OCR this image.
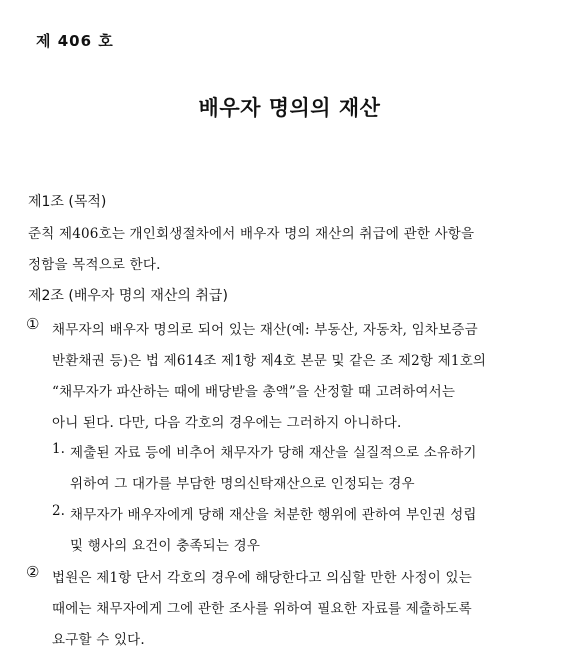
제 406 호
배우자 명의의 재산
제1조 (목적)
준칙 제406호는 개인회생절차에서 배우자 명의 재산의 취급에 관한 사항을
정함을 목적으로 한다.
제2조 (배우자 명의 재산의 취급)
① 채무자의 배우자 명의로 되어 있는 재산(예: 부동산, 자동차, 임차보증금
반환채권 등)은 법 제614조 제1항 제4호 본문 및 같은 조 제2항 제1호의
“채무자가 파산하는 때에 배당받을 총액”을 산정할 때 고려하여서는
아니 된다. 다만, 다음 각호의 경우에는 그러하지 아니하다.
1. 제출된 자료 등에 비추어 채무자가 당해 재산을 실질적으로 소유하기
위하여 그 대가를 부담한 명의신탁재산으로 인정되는 경우
2. 채무자가 배우자에게 당해 재산을 처분한 행위에 관하여 부인권 성립
및 행사의 요건이 충족되는 경우
② 법원은 제1항 단서 각호의 경우에 해당한다고 의심할 만한 사정이 있는
때에는 채무자에게 그에 관한 조사를 위하여 필요한 자료를 제출하도록
요구할 수 있다.
